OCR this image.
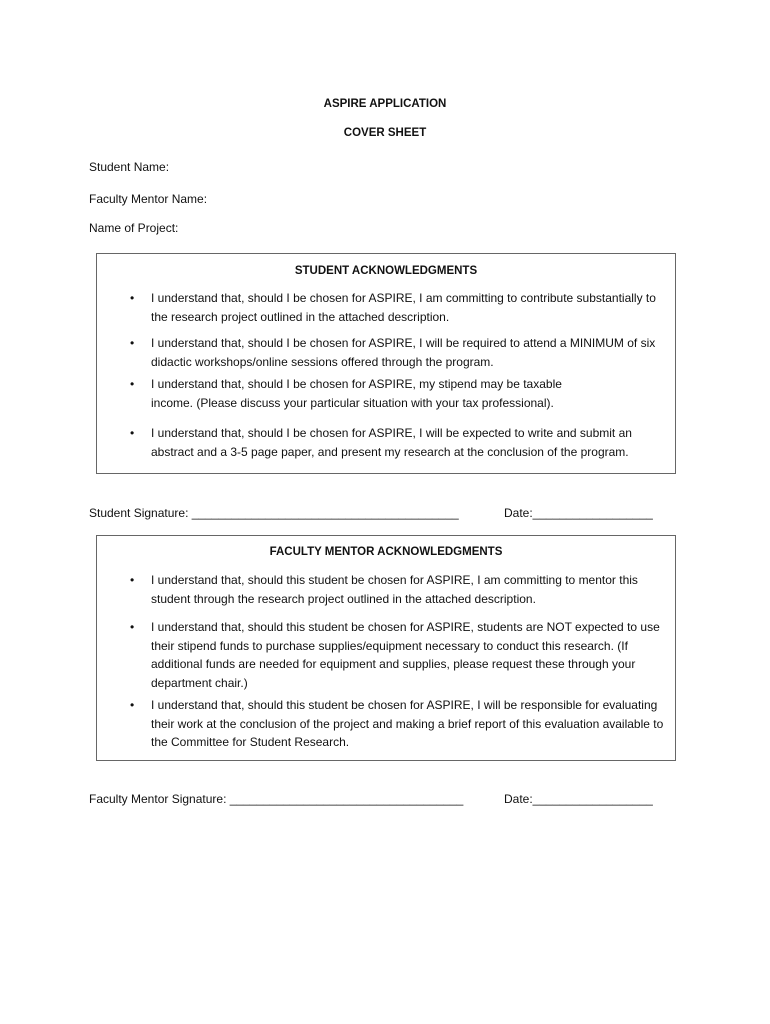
ASPIRE APPLICATION
COVER SHEET
Student Name:
Faculty Mentor Name:
Name of Project:
STUDENT ACKNOWLEDGMENTS
• I understand that, should I be chosen for ASPIRE, I am committing to contribute substantially to the research project outlined in the attached description.
• I understand that, should I be chosen for ASPIRE, I will be required to attend a MINIMUM of six didactic workshops/online sessions offered through the program.
• I understand that, should I be chosen for ASPIRE, my stipend may be taxable income. (Please discuss your particular situation with your tax professional).
• I understand that, should I be chosen for ASPIRE, I will be expected to write and submit an abstract and a 3-5 page paper, and present my research at the conclusion of the program.
Student Signature: ________________________________________	Date:__________________
FACULTY MENTOR ACKNOWLEDGMENTS
• I understand that, should this student be chosen for ASPIRE, I am committing to mentor this student through the research project outlined in the attached description.
• I understand that, should this student be chosen for ASPIRE, students are NOT expected to use their stipend funds to purchase supplies/equipment necessary to conduct this research. (If additional funds are needed for equipment and supplies, please request these through your department chair.)
• I understand that, should this student be chosen for ASPIRE, I will be responsible for evaluating their work at the conclusion of the project and making a brief report of this evaluation available to the Committee for Student Research.
Faculty Mentor Signature: ___________________________________	Date:__________________
